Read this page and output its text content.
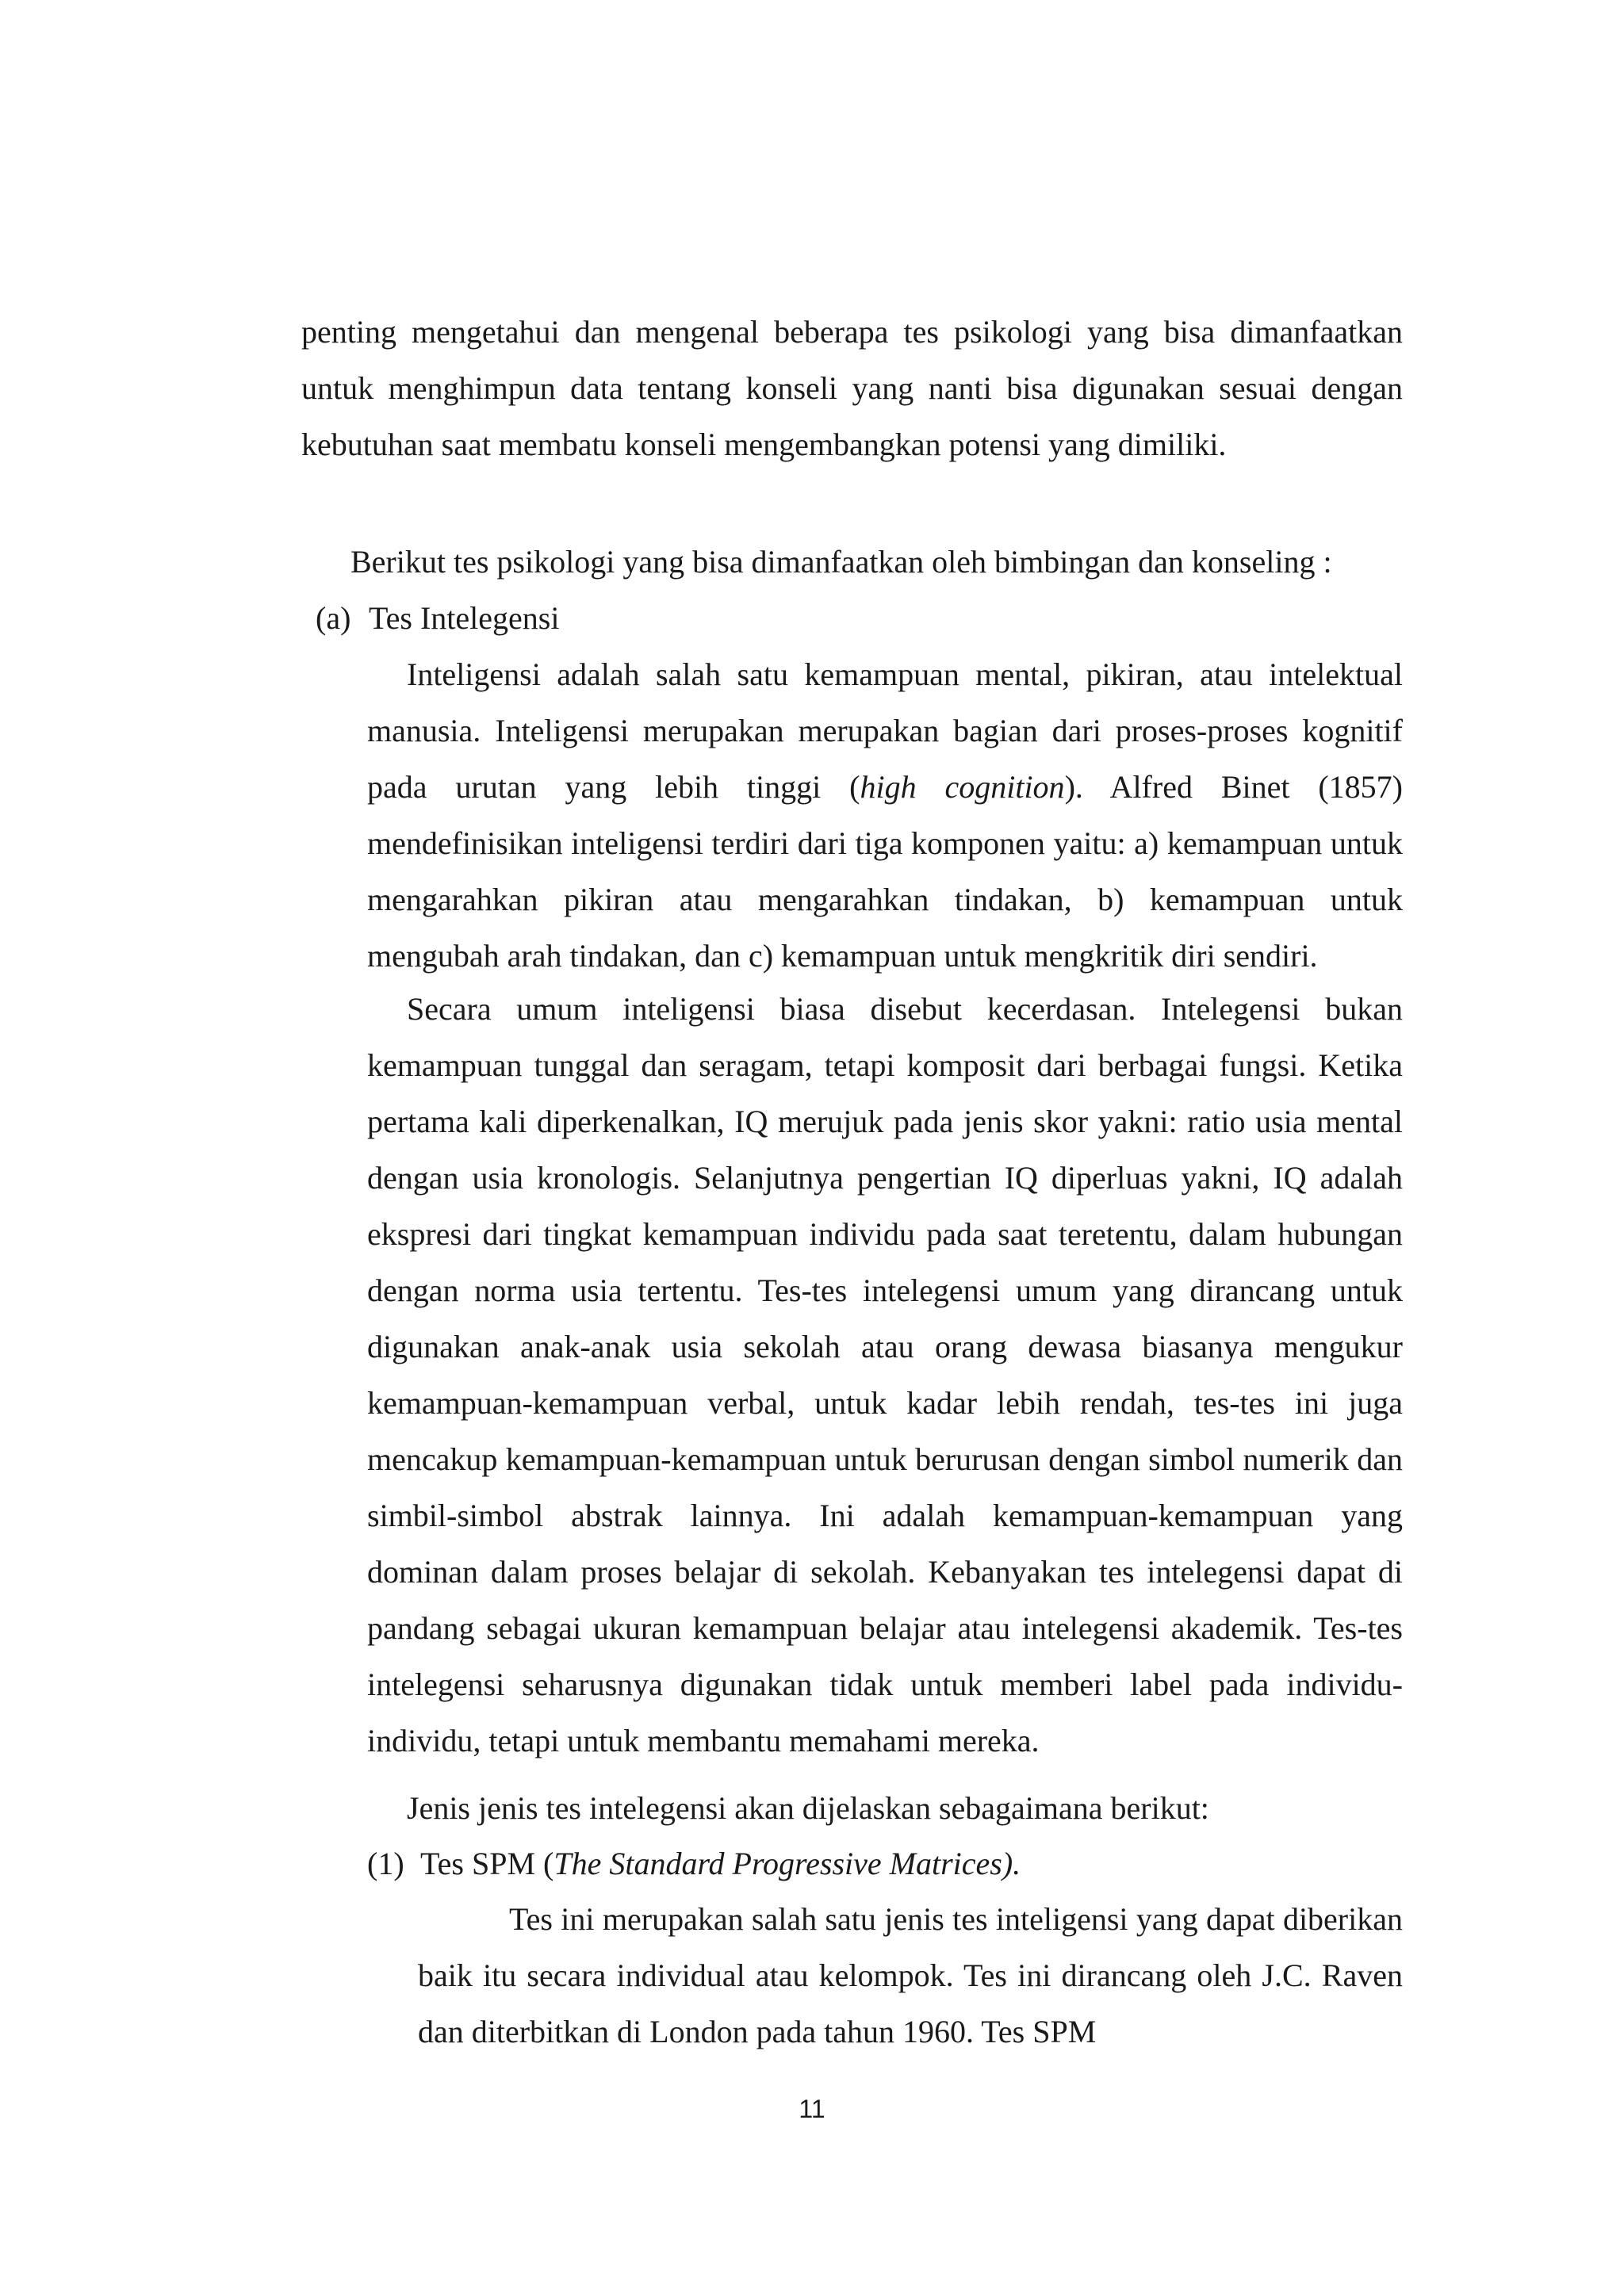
penting mengetahui dan mengenal beberapa tes psikologi yang bisa dimanfaatkan untuk menghimpun data tentang konseli yang nanti bisa digunakan sesuai dengan kebutuhan saat membatu konseli mengembangkan potensi yang dimiliki.

Berikut tes psikologi yang bisa dimanfaatkan oleh bimbingan dan konseling :

(a) Tes Intelegensi

Inteligensi adalah salah satu kemampuan mental, pikiran, atau intelektual manusia. Inteligensi merupakan merupakan bagian dari proses-proses kognitif pada urutan yang lebih tinggi (high cognition). Alfred Binet (1857) mendefinisikan inteligensi terdiri dari tiga komponen yaitu: a) kemampuan untuk mengarahkan pikiran atau mengarahkan tindakan, b) kemampuan untuk mengubah arah tindakan, dan c) kemampuan untuk mengkritik diri sendiri.

Secara umum inteligensi biasa disebut kecerdasan. Intelegensi bukan kemampuan tunggal dan seragam, tetapi komposit dari berbagai fungsi. Ketika pertama kali diperkenalkan, IQ merujuk pada jenis skor yakni: ratio usia mental dengan usia kronologis. Selanjutnya pengertian IQ diperluas yakni, IQ adalah ekspresi dari tingkat kemampuan individu pada saat teretentu, dalam hubungan dengan norma usia tertentu. Tes-tes intelegensi umum yang dirancang untuk digunakan anak-anak usia sekolah atau orang dewasa biasanya mengukur kemampuan-kemampuan verbal, untuk kadar lebih rendah, tes-tes ini juga mencakup kemampuan-kemampuan untuk berurusan dengan simbol numerik dan simbil-simbol abstrak lainnya. Ini adalah kemampuan-kemampuan yang dominan dalam proses belajar di sekolah. Kebanyakan tes intelegensi dapat di pandang sebagai ukuran kemampuan belajar atau intelegensi akademik. Tes-tes intelegensi seharusnya digunakan tidak untuk memberi label pada individu-individu, tetapi untuk membantu memahami mereka.

Jenis jenis tes intelegensi akan dijelaskan sebagaimana berikut:

(1) Tes SPM (The Standard Progressive Matrices).

Tes ini merupakan salah satu jenis tes inteligensi yang dapat diberikan baik itu secara individual atau kelompok. Tes ini dirancang oleh J.C. Raven dan diterbitkan di London pada tahun 1960. Tes SPM

11
